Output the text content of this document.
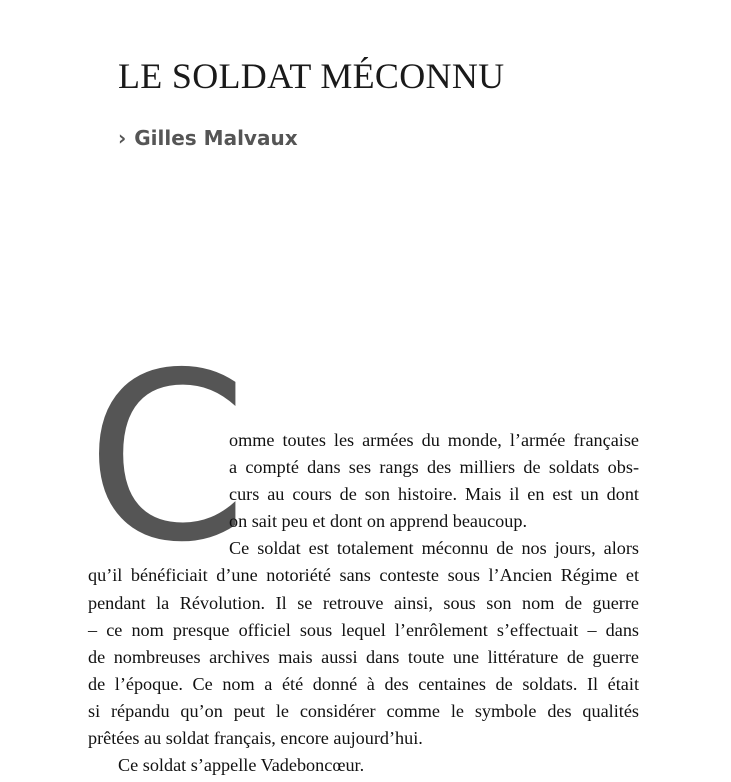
LE SOLDAT MÉCONNU
› Gilles Malvaux
C
omme toutes les armées du monde, l’armée française
a compté dans ses rangs des milliers de soldats obs-
curs au cours de son histoire. Mais il en est un dont
on sait peu et dont on apprend beaucoup.
Ce soldat est totalement méconnu de nos jours, alors
qu’il bénéficiait d’une notoriété sans conteste sous l’Ancien Régime et
pendant la Révolution. Il se retrouve ainsi, sous son nom de guerre
– ce nom presque officiel sous lequel l’enrôlement s’effectuait – dans
de nombreuses archives mais aussi dans toute une littérature de guerre
de l’époque. Ce nom a été donné à des centaines de soldats. Il était
si répandu qu’on peut le considérer comme le symbole des qualités
prêtées au soldat français, encore aujourd’hui.
Ce soldat s’appelle Vadeboncœur.
